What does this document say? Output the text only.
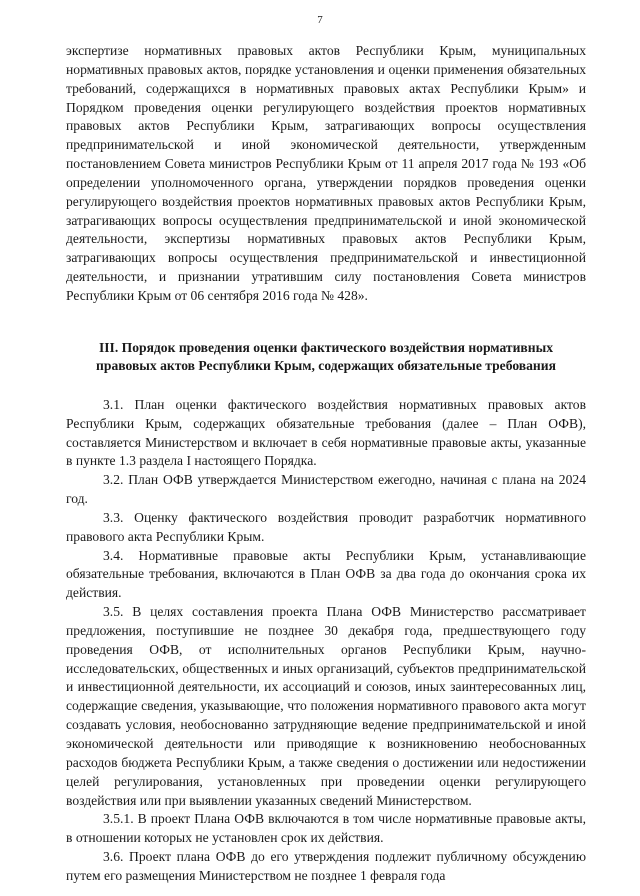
7

экспертизе нормативных правовых актов Республики Крым, муниципальных нормативных правовых актов, порядке установления и оценки применения обязательных требований, содержащихся в нормативных правовых актах Республики Крым» и Порядком проведения оценки регулирующего воздействия проектов нормативных правовых актов Республики Крым, затрагивающих вопросы осуществления предпринимательской и иной экономической деятельности, утвержденным постановлением Совета министров Республики Крым от 11 апреля 2017 года № 193 «Об определении уполномоченного органа, утверждении порядков проведения оценки регулирующего воздействия проектов нормативных правовых актов Республики Крым, затрагивающих вопросы осуществления предпринимательской и иной экономической деятельности, экспертизы нормативных правовых актов Республики Крым, затрагивающих вопросы осуществления предпринимательской и инвестиционной деятельности, и признании утратившим силу постановления Совета министров Республики Крым от 06 сентября 2016 года № 428».

III. Порядок проведения оценки фактического воздействия нормативных правовых актов Республики Крым, содержащих обязательные требования

3.1. План оценки фактического воздействия нормативных правовых актов Республики Крым, содержащих обязательные требования (далее – План ОФВ), составляется Министерством и включает в себя нормативные правовые акты, указанные в пункте 1.3 раздела I настоящего Порядка.

3.2. План ОФВ утверждается Министерством ежегодно, начиная с плана на 2024 год.

3.3. Оценку фактического воздействия проводит разработчик нормативного правового акта Республики Крым.

3.4. Нормативные правовые акты Республики Крым, устанавливающие обязательные требования, включаются в План ОФВ за два года до окончания срока их действия.

3.5. В целях составления проекта Плана ОФВ Министерство рассматривает предложения, поступившие не позднее 30 декабря года, предшествующего году проведения ОФВ, от исполнительных органов Республики Крым, научно-исследовательских, общественных и иных организаций, субъектов предпринимательской и инвестиционной деятельности, их ассоциаций и союзов, иных заинтересованных лиц, содержащие сведения, указывающие, что положения нормативного правового акта могут создавать условия, необоснованно затрудняющие ведение предпринимательской и иной экономической деятельности или приводящие к возникновению необоснованных расходов бюджета Республики Крым, а также сведения о достижении или недостижении целей регулирования, установленных при проведении оценки регулирующего воздействия или при выявлении указанных сведений Министерством.

3.5.1. В проект Плана ОФВ включаются в том числе нормативные правовые акты, в отношении которых не установлен срок их действия.

3.6. Проект плана ОФВ до его утверждения подлежит публичному обсуждению путем его размещения Министерством не позднее 1 февраля года
